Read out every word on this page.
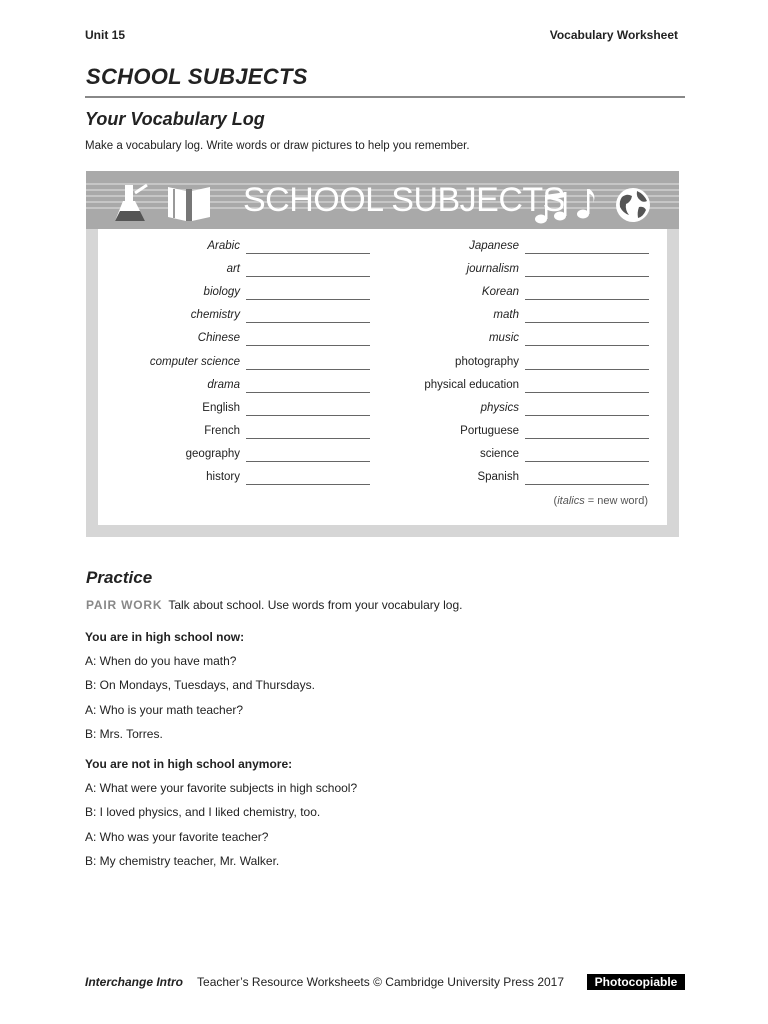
Unit 15	Vocabulary Worksheet
SCHOOL SUBJECTS
Your Vocabulary Log
Make a vocabulary log. Write words or draw pictures to help you remember.
SCHOOL SUBJECTS
Arabic
art
biology
chemistry
Chinese
computer science
drama
English
French
geography
history
Japanese
journalism
Korean
math
music
photography
physical education
physics
Portuguese
science
Spanish
(italics = new word)
Practice
PAIR WORK Talk about school. Use words from your vocabulary log.
You are in high school now:
A: When do you have math?
B: On Mondays, Tuesdays, and Thursdays.
A: Who is your math teacher?
B: Mrs. Torres.
You are not in high school anymore:
A: What were your favorite subjects in high school?
B: I loved physics, and I liked chemistry, too.
A: Who was your favorite teacher?
B: My chemistry teacher, Mr. Walker.
Interchange Intro Teacher’s Resource Worksheets © Cambridge University Press 2017	Photocopiable
